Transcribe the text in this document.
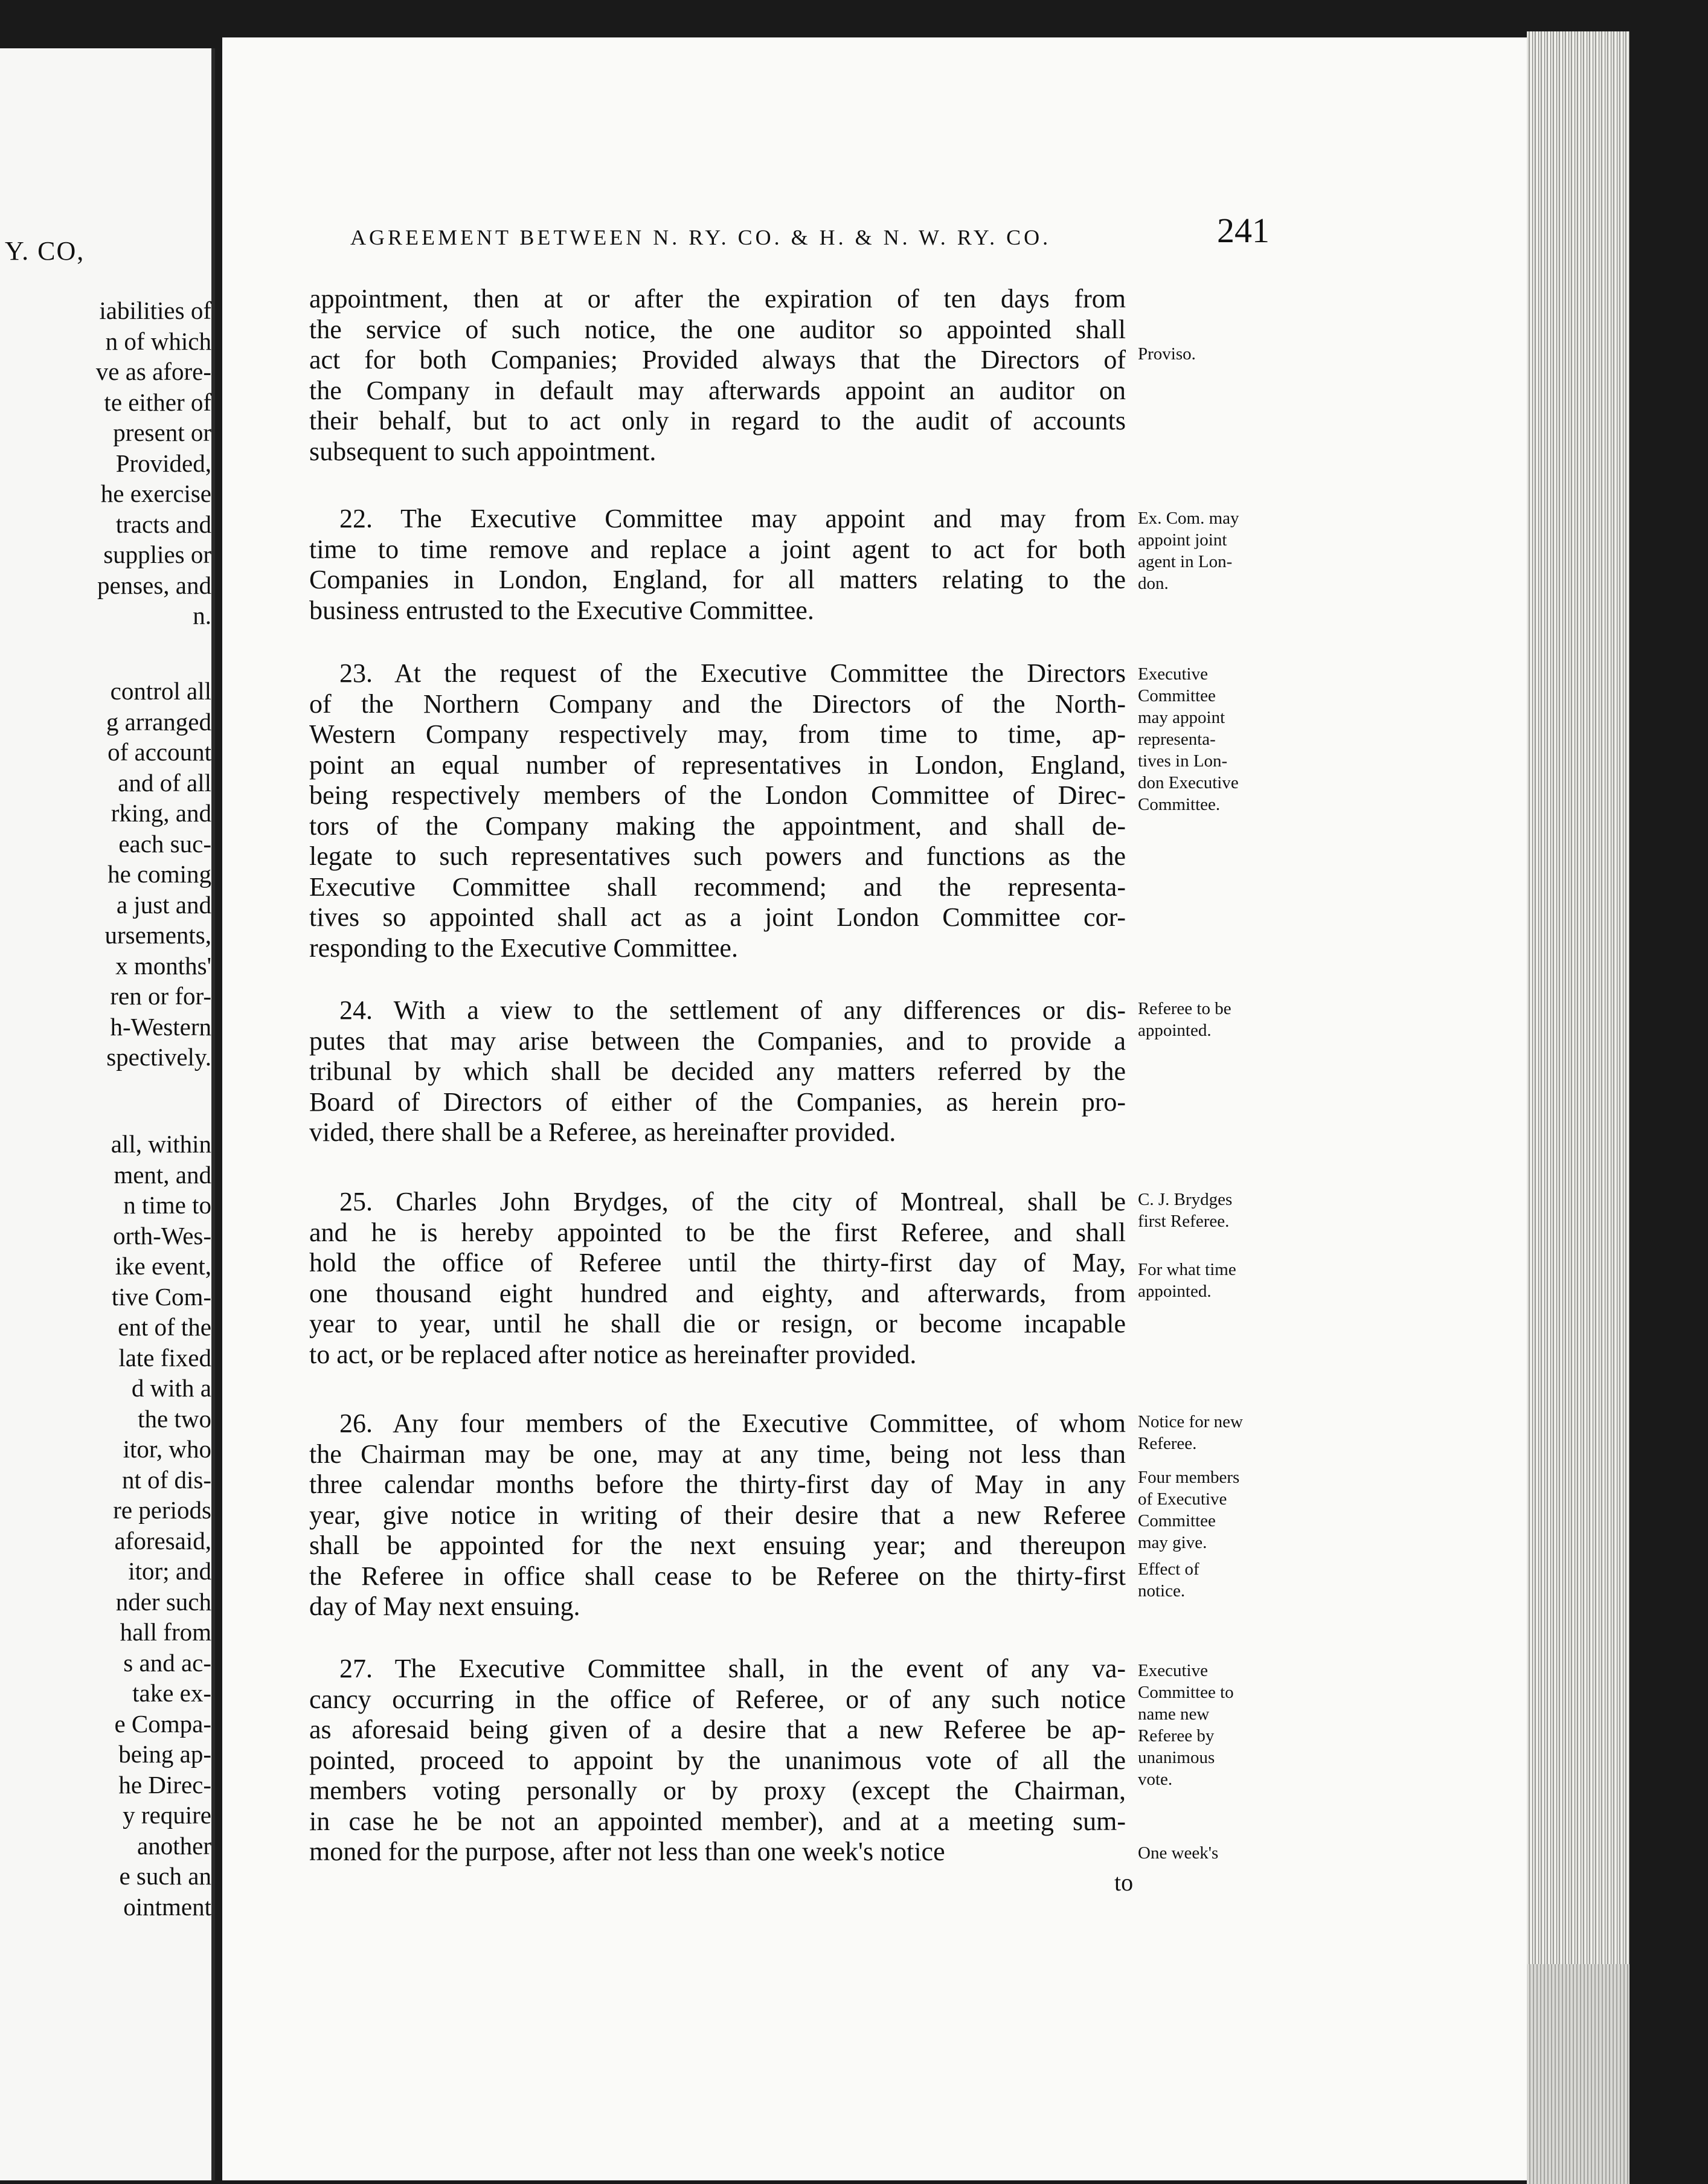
Y. CO,
iabilities of
n of which
ve as afore-
te either of
present or
Provided,
he exercise
tracts and
supplies or
penses, and
n.
control all
g arranged
of account
and of all
rking, and
each suc-
he coming
a just and
ursements,
x months'
ren or for-
h-Western
spectively.
all, within
ment, and
n time to
orth-Wes-
ike event,
tive Com-
ent of the
late fixed
d with a
the two
itor, who
nt of dis-
re periods
aforesaid,
itor; and
nder such
hall from
s and ac-
take ex-
e Compa-
being ap-
he Direc-
y require
another
e such an
ointment
AGREEMENT BETWEEN N. RY. CO. & H. & N. W. RY. CO.	241
appointment, then at or after the expiration of ten days from
the service of such notice, the one auditor so appointed shall
act for both Companies; Provided always that the Directors of
the Company in default may afterwards appoint an auditor on
their behalf, but to act only in regard to the audit of accounts
subsequent to such appointment.
22. The Executive Committee may appoint and may from
time to time remove and replace a joint agent to act for both
Companies in London, England, for all matters relating to the
business entrusted to the Executive Committee.
23. At the request of the Executive Committee the Directors
of the Northern Company and the Directors of the North-
Western Company respectively may, from time to time, ap-
point an equal number of representatives in London, England,
being respectively members of the London Committee of Direc-
tors of the Company making the appointment, and shall de-
legate to such representatives such powers and functions as the
Executive Committee shall recommend; and the representa-
tives so appointed shall act as a joint London Committee cor-
responding to the Executive Committee.
24. With a view to the settlement of any differences or dis-
putes that may arise between the Companies, and to provide a
tribunal by which shall be decided any matters referred by the
Board of Directors of either of the Companies, as herein pro-
vided, there shall be a Referee, as hereinafter provided.
25. Charles John Brydges, of the city of Montreal, shall be
and he is hereby appointed to be the first Referee, and shall
hold the office of Referee until the thirty-first day of May,
one thousand eight hundred and eighty, and afterwards, from
year to year, until he shall die or resign, or become incapable
to act, or be replaced after notice as hereinafter provided.
26. Any four members of the Executive Committee, of whom
the Chairman may be one, may at any time, being not less than
three calendar months before the thirty-first day of May in any
year, give notice in writing of their desire that a new Referee
shall be appointed for the next ensuing year; and thereupon
the Referee in office shall cease to be Referee on the thirty-first
day of May next ensuing.
27. The Executive Committee shall, in the event of any va-
cancy occurring in the office of Referee, or of any such notice
as aforesaid being given of a desire that a new Referee be ap-
pointed, proceed to appoint by the unanimous vote of all the
members voting personally or by proxy (except the Chairman,
in case he be not an appointed member), and at a meeting sum-
moned for the purpose, after not less than one week's notice
Proviso.
Ex. Com. may
appoint joint
agent in Lon-
don.
Executive
Committee
may appoint
representa-
tives in Lon-
don Executive
Committee.
Referee to be
appointed.
C. J. Brydges
first Referee.
For what time
appointed.
Notice for new
Referee.
Four members
of Executive
Committee
may give.
Effect of
notice.
Executive
Committee to
name new
Referee by
unanimous
vote.
One week's
to
